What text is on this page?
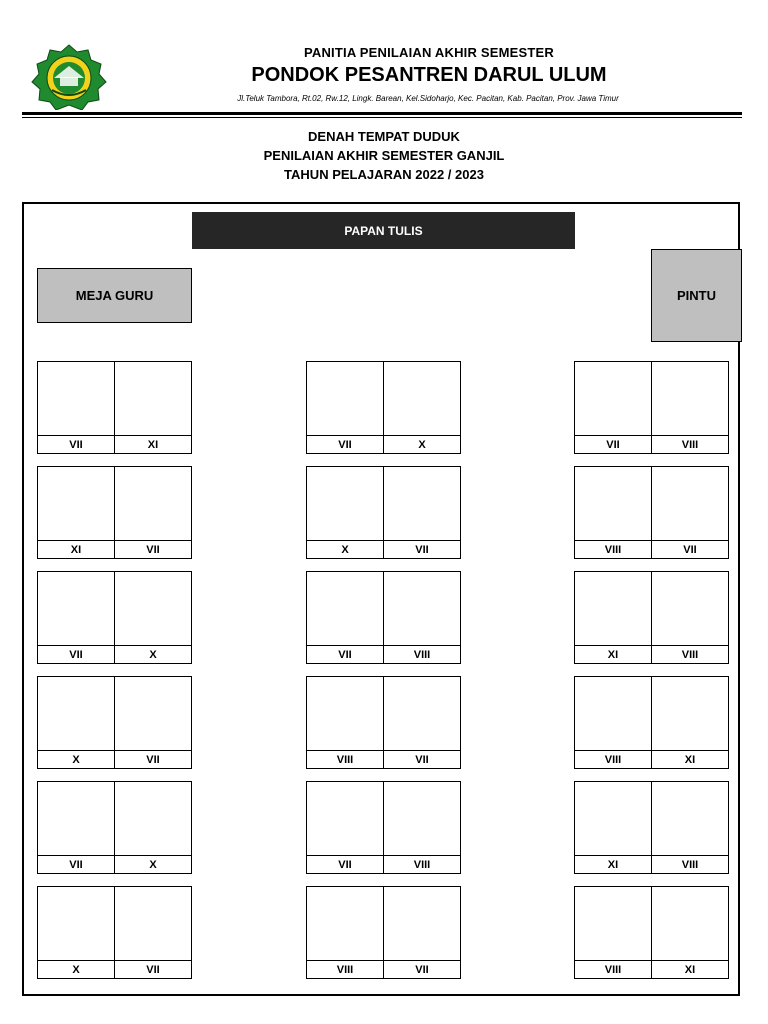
PANITIA PENILAIAN AKHIR SEMESTER
PONDOK PESANTREN DARUL ULUM
Jl.Teluk Tambora, Rt.02, Rw.12, Lingk. Barean, Kel.Sidoharjo, Kec. Pacitan, Kab. Pacitan, Prov. Jawa Timur
DENAH TEMPAT DUDUK
PENILAIAN AKHIR SEMESTER GANJIL
TAHUN PELAJARAN 2022 / 2023
PAPAN TULIS
MEJA GURU	PINTU
VII	XI	VII	X	VII	VIII
XI	VII	X	VII	VIII	VII
VII	X	VII	VIII	XI	VIII
X	VII	VIII	VII	VIII	XI
VII	X	VII	VIII	XI	VIII
X	VII	VIII	VII	VIII	XI
